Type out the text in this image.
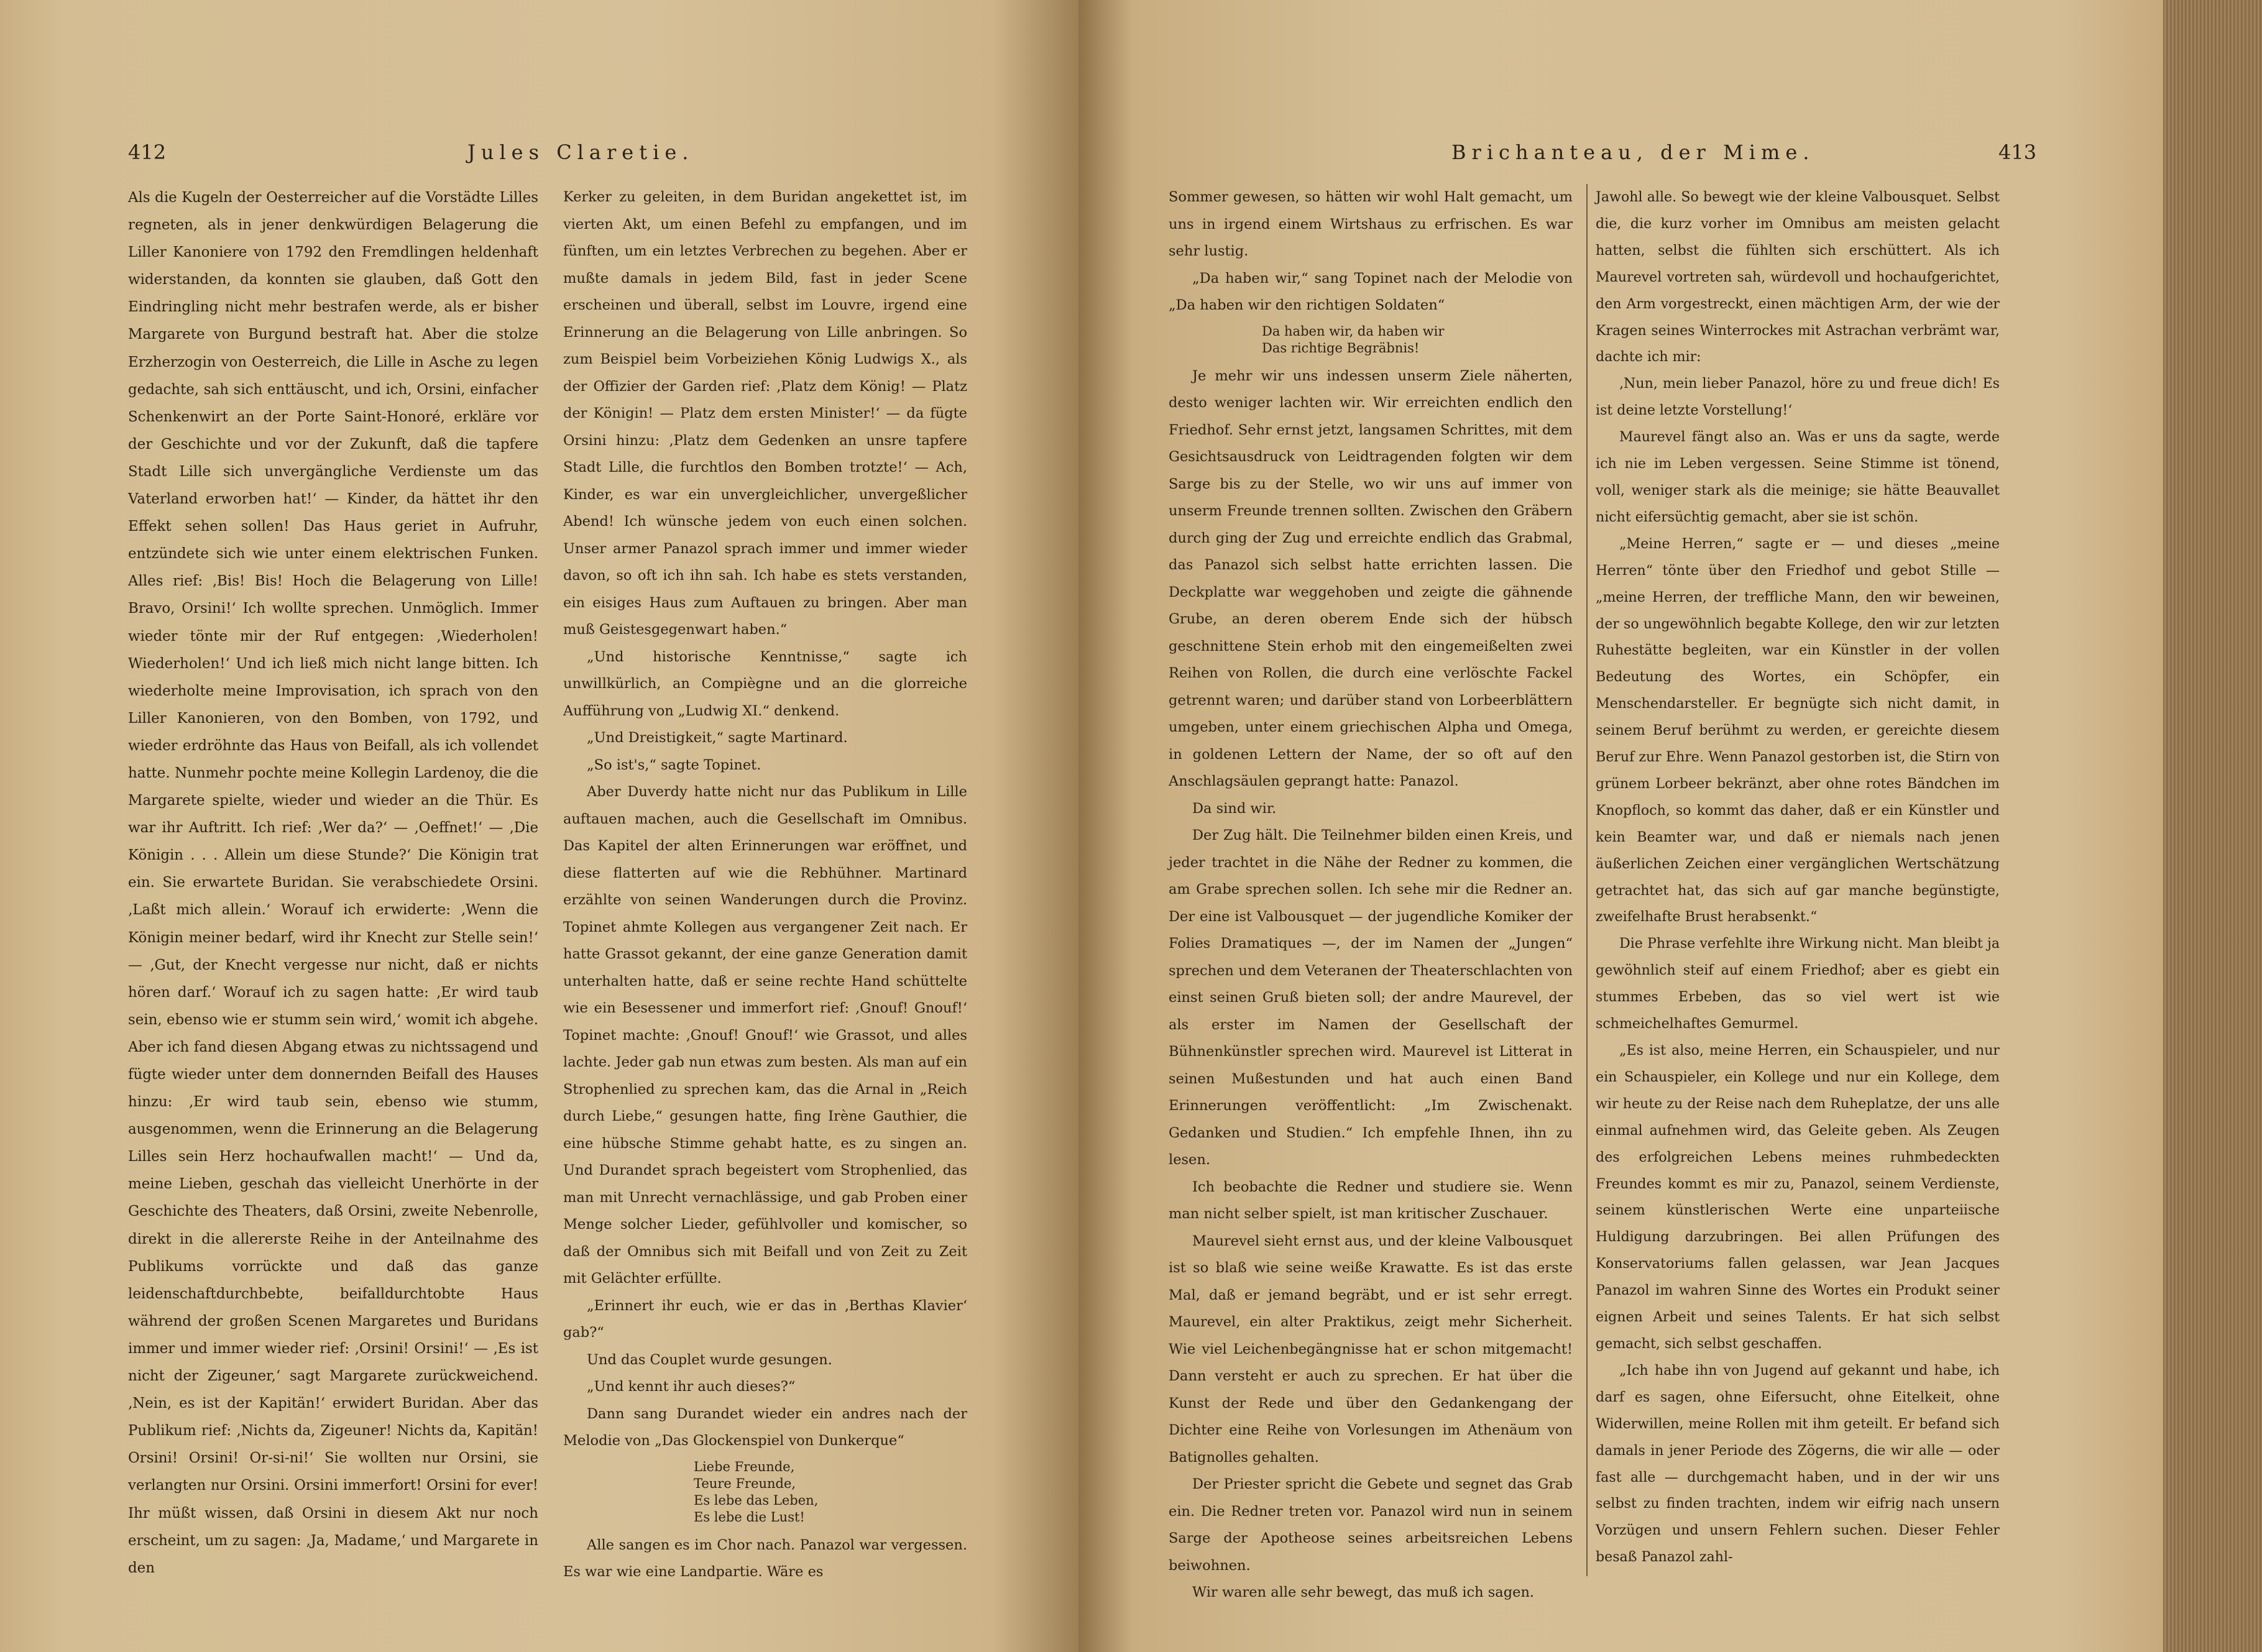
412	Jules Claretie.

Als die Kugeln der Oesterreicher auf die Vorstädte Lilles regneten, als in jener denkwürdigen Belagerung die Liller Kanoniere von 1792 den Fremdlingen heldenhaft widerstanden, da konnten sie glauben, daß Gott den Eindringling nicht mehr bestrafen werde, als er bisher Margarete von Burgund bestraft hat. Aber die stolze Erzherzogin von Oesterreich, die Lille in Asche zu legen gedachte, sah sich enttäuscht, und ich, Orsini, einfacher Schenkenwirt an der Porte Saint-Honoré, erkläre vor der Geschichte und vor der Zukunft, daß die tapfere Stadt Lille sich unvergängliche Verdienste um das Vaterland erworben hat!‘ — Kinder, da hättet ihr den Effekt sehen sollen! Das Haus geriet in Aufruhr, entzündete sich wie unter einem elektrischen Funken. Alles rief: ‚Bis! Bis! Hoch die Belagerung von Lille! Bravo, Orsini!‘ Ich wollte sprechen. Unmöglich. Immer wieder tönte mir der Ruf entgegen: ‚Wiederholen! Wiederholen!‘ Und ich ließ mich nicht lange bitten. Ich wiederholte meine Improvisation, ich sprach von den Liller Kanonieren, von den Bomben, von 1792, und wieder erdröhnte das Haus von Beifall, als ich vollendet hatte. Nunmehr pochte meine Kollegin Lardenoy, die die Margarete spielte, wieder und wieder an die Thür. Es war ihr Auftritt. Ich rief: ‚Wer da?‘ — ‚Oeffnet!‘ — ‚Die Königin . . . Allein um diese Stunde?‘ Die Königin trat ein. Sie erwartete Buridan. Sie verabschiedete Orsini. ‚Laßt mich allein.‘ Worauf ich erwiderte: ‚Wenn die Königin meiner bedarf, wird ihr Knecht zur Stelle sein!‘ — ‚Gut, der Knecht vergesse nur nicht, daß er nichts hören darf.‘ Worauf ich zu sagen hatte: ‚Er wird taub sein, ebenso wie er stumm sein wird,‘ womit ich abgehe. Aber ich fand diesen Abgang etwas zu nichtssagend und fügte wieder unter dem donnernden Beifall des Hauses hinzu: ‚Er wird taub sein, ebenso wie stumm, ausgenommen, wenn die Erinnerung an die Belagerung Lilles sein Herz hochaufwallen macht!‘ — Und da, meine Lieben, geschah das vielleicht Unerhörte in der Geschichte des Theaters, daß Orsini, zweite Nebenrolle, direkt in die allererste Reihe in der Anteilnahme des Publikums vorrückte und daß das ganze leidenschaftdurchbebte, beifalldurchtobte Haus während der großen Scenen Margaretes und Buridans immer und immer wieder rief: ‚Orsini! Orsini!‘ — ‚Es ist nicht der Zigeuner,‘ sagt Margarete zurückweichend. ‚Nein, es ist der Kapitän!‘ erwidert Buridan. Aber das Publikum rief: ‚Nichts da, Zigeuner! Nichts da, Kapitän! Orsini! Orsini! Or-si-ni!‘ Sie wollten nur Orsini, sie verlangten nur Orsini. Orsini immerfort! Orsini for ever! Ihr müßt wissen, daß Orsini in diesem Akt nur noch erscheint, um zu sagen: ‚Ja, Madame,‘ und Margarete in den

Kerker zu geleiten, in dem Buridan angekettet ist, im vierten Akt, um einen Befehl zu empfangen, und im fünften, um ein letztes Verbrechen zu begehen. Aber er mußte damals in jedem Bild, fast in jeder Scene erscheinen und überall, selbst im Louvre, irgend eine Erinnerung an die Belagerung von Lille anbringen. So zum Beispiel beim Vorbeiziehen König Ludwigs X., als der Offizier der Garden rief: ‚Platz dem König! — Platz der Königin! — Platz dem ersten Minister!‘ — da fügte Orsini hinzu: ‚Platz dem Gedenken an unsre tapfere Stadt Lille, die furchtlos den Bomben trotzte!‘ — Ach, Kinder, es war ein unvergleichlicher, unvergeßlicher Abend! Ich wünsche jedem von euch einen solchen. Unser armer Panazol sprach immer und immer wieder davon, so oft ich ihn sah. Ich habe es stets verstanden, ein eisiges Haus zum Auftauen zu bringen. Aber man muß Geistesgegenwart haben.“

„Und historische Kenntnisse,“ sagte ich unwillkürlich, an Compiègne und an die glorreiche Aufführung von „Ludwig XI.“ denkend.

„Und Dreistigkeit,“ sagte Martinard.

„So ist's,“ sagte Topinet.

Aber Duverdy hatte nicht nur das Publikum in Lille auftauen machen, auch die Gesellschaft im Omnibus. Das Kapitel der alten Erinnerungen war eröffnet, und diese flatterten auf wie die Rebhühner. Martinard erzählte von seinen Wanderungen durch die Provinz. Topinet ahmte Kollegen aus vergangener Zeit nach. Er hatte Grassot gekannt, der eine ganze Generation damit unterhalten hatte, daß er seine rechte Hand schüttelte wie ein Besessener und immerfort rief: ‚Gnouf! Gnouf!‘ Topinet machte: ‚Gnouf! Gnouf!‘ wie Grassot, und alles lachte. Jeder gab nun etwas zum besten. Als man auf ein Strophenlied zu sprechen kam, das die Arnal in „Reich durch Liebe,“ gesungen hatte, fing Irène Gauthier, die eine hübsche Stimme gehabt hatte, es zu singen an. Und Durandet sprach begeistert vom Strophenlied, das man mit Unrecht vernachlässige, und gab Proben einer Menge solcher Lieder, gefühlvoller und komischer, so daß der Omnibus sich mit Beifall und von Zeit zu Zeit mit Gelächter erfüllte.

„Erinnert ihr euch, wie er das in ‚Berthas Klavier‘ gab?“

Und das Couplet wurde gesungen.

„Und kennt ihr auch dieses?“

Dann sang Durandet wieder ein andres nach der Melodie von „Das Glockenspiel von Dunkerque“

Liebe Freunde,
Teure Freunde,
Es lebe das Leben,
Es lebe die Lust!

Alle sangen es im Chor nach. Panazol war vergessen. Es war wie eine Landpartie. Wäre es

Brichanteau, der Mime.	413

Sommer gewesen, so hätten wir wohl Halt gemacht, um uns in irgend einem Wirtshaus zu erfrischen. Es war sehr lustig.

„Da haben wir,“ sang Topinet nach der Melodie von „Da haben wir den richtigen Soldaten“

Da haben wir, da haben wir
Das richtige Begräbnis!

Je mehr wir uns indessen unserm Ziele näherten, desto weniger lachten wir. Wir erreichten endlich den Friedhof. Sehr ernst jetzt, langsamen Schrittes, mit dem Gesichtsausdruck von Leidtragenden folgten wir dem Sarge bis zu der Stelle, wo wir uns auf immer von unserm Freunde trennen sollten. Zwischen den Gräbern durch ging der Zug und erreichte endlich das Grabmal, das Panazol sich selbst hatte errichten lassen. Die Deckplatte war weggehoben und zeigte die gähnende Grube, an deren oberem Ende sich der hübsch geschnittene Stein erhob mit den eingemeißelten zwei Reihen von Rollen, die durch eine verlöschte Fackel getrennt waren; und darüber stand von Lorbeerblättern umgeben, unter einem griechischen Alpha und Omega, in goldenen Lettern der Name, der so oft auf den Anschlagsäulen geprangt hatte: Panazol.

Da sind wir.

Der Zug hält. Die Teilnehmer bilden einen Kreis, und jeder trachtet in die Nähe der Redner zu kommen, die am Grabe sprechen sollen. Ich sehe mir die Redner an. Der eine ist Valbousquet — der jugendliche Komiker der Folies Dramatiques —, der im Namen der „Jungen“ sprechen und dem Veteranen der Theaterschlachten von einst seinen Gruß bieten soll; der andre Maurevel, der als erster im Namen der Gesellschaft der Bühnenkünstler sprechen wird. Maurevel ist Litterat in seinen Mußestunden und hat auch einen Band Erinnerungen veröffentlicht: „Im Zwischenakt. Gedanken und Studien.“ Ich empfehle Ihnen, ihn zu lesen.

Ich beobachte die Redner und studiere sie. Wenn man nicht selber spielt, ist man kritischer Zuschauer.

Maurevel sieht ernst aus, und der kleine Valbousquet ist so blaß wie seine weiße Krawatte. Es ist das erste Mal, daß er jemand begräbt, und er ist sehr erregt. Maurevel, ein alter Praktikus, zeigt mehr Sicherheit. Wie viel Leichenbegängnisse hat er schon mitgemacht! Dann versteht er auch zu sprechen. Er hat über die Kunst der Rede und über den Gedankengang der Dichter eine Reihe von Vorlesungen im Athenäum von Batignolles gehalten.

Der Priester spricht die Gebete und segnet das Grab ein. Die Redner treten vor. Panazol wird nun in seinem Sarge der Apotheose seines arbeitsreichen Lebens beiwohnen.

Wir waren alle sehr bewegt, das muß ich sagen.

Jawohl alle. So bewegt wie der kleine Valbousquet. Selbst die, die kurz vorher im Omnibus am meisten gelacht hatten, selbst die fühlten sich erschüttert. Als ich Maurevel vortreten sah, würdevoll und hochaufgerichtet, den Arm vorgestreckt, einen mächtigen Arm, der wie der Kragen seines Winterrockes mit Astrachan verbrämt war, dachte ich mir:

‚Nun, mein lieber Panazol, höre zu und freue dich! Es ist deine letzte Vorstellung!‘

Maurevel fängt also an. Was er uns da sagte, werde ich nie im Leben vergessen. Seine Stimme ist tönend, voll, weniger stark als die meinige; sie hätte Beauvallet nicht eifersüchtig gemacht, aber sie ist schön.

„Meine Herren,“ sagte er — und dieses „meine Herren“ tönte über den Friedhof und gebot Stille — „meine Herren, der treffliche Mann, den wir beweinen, der so ungewöhnlich begabte Kollege, den wir zur letzten Ruhestätte begleiten, war ein Künstler in der vollen Bedeutung des Wortes, ein Schöpfer, ein Menschendarsteller. Er begnügte sich nicht damit, in seinem Beruf berühmt zu werden, er gereichte diesem Beruf zur Ehre. Wenn Panazol gestorben ist, die Stirn von grünem Lorbeer bekränzt, aber ohne rotes Bändchen im Knopfloch, so kommt das daher, daß er ein Künstler und kein Beamter war, und daß er niemals nach jenen äußerlichen Zeichen einer vergänglichen Wertschätzung getrachtet hat, das sich auf gar manche begünstigte, zweifelhafte Brust herabsenkt.“

Die Phrase verfehlte ihre Wirkung nicht. Man bleibt ja gewöhnlich steif auf einem Friedhof; aber es giebt ein stummes Erbeben, das so viel wert ist wie schmeichelhaftes Gemurmel.

„Es ist also, meine Herren, ein Schauspieler, und nur ein Schauspieler, ein Kollege und nur ein Kollege, dem wir heute zu der Reise nach dem Ruheplatze, der uns alle einmal aufnehmen wird, das Geleite geben. Als Zeugen des erfolgreichen Lebens meines ruhmbedeckten Freundes kommt es mir zu, Panazol, seinem Verdienste, seinem künstlerischen Werte eine unparteiische Huldigung darzubringen. Bei allen Prüfungen des Konservatoriums fallen gelassen, war Jean Jacques Panazol im wahren Sinne des Wortes ein Produkt seiner eignen Arbeit und seines Talents. Er hat sich selbst gemacht, sich selbst geschaffen.

„Ich habe ihn von Jugend auf gekannt und habe, ich darf es sagen, ohne Eifersucht, ohne Eitelkeit, ohne Widerwillen, meine Rollen mit ihm geteilt. Er befand sich damals in jener Periode des Zögerns, die wir alle — oder fast alle — durchgemacht haben, und in der wir uns selbst zu finden trachten, indem wir eifrig nach unsern Vorzügen und unsern Fehlern suchen. Dieser Fehler besaß Panazol zahl-
